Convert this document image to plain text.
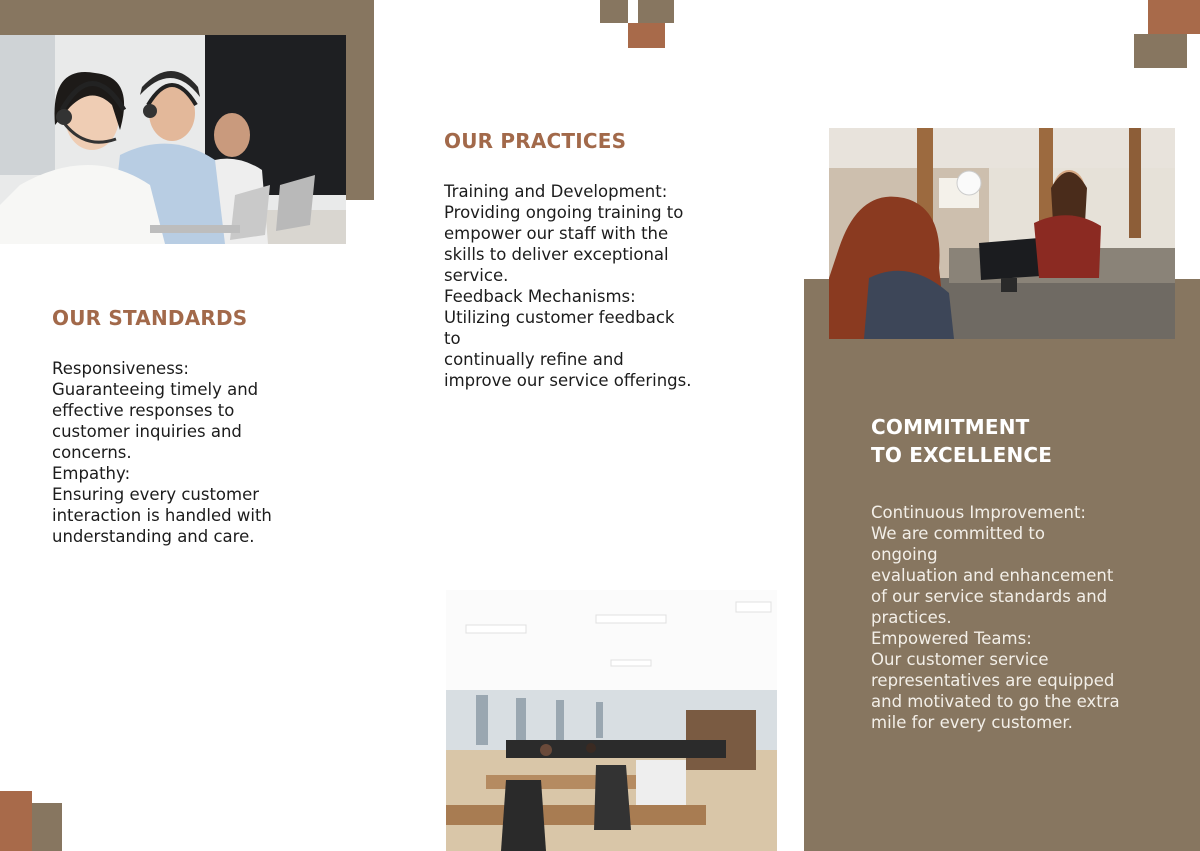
OUR STANDARDS
Responsiveness:
Guaranteeing timely and
effective responses to
customer inquiries and
concerns.
Empathy:
Ensuring every customer
interaction is handled with
understanding and care.
OUR PRACTICES
Training and Development:
Providing ongoing training to
empower our staff with the
skills to deliver exceptional
service.
Feedback Mechanisms:
Utilizing customer feedback
to
continually refine and
improve our service offerings.
COMMITMENT
TO EXCELLENCE
Continuous Improvement:
We are committed to
ongoing
evaluation and enhancement
of our service standards and
practices.
Empowered Teams:
Our customer service
representatives are equipped
and motivated to go the extra
mile for every customer.
